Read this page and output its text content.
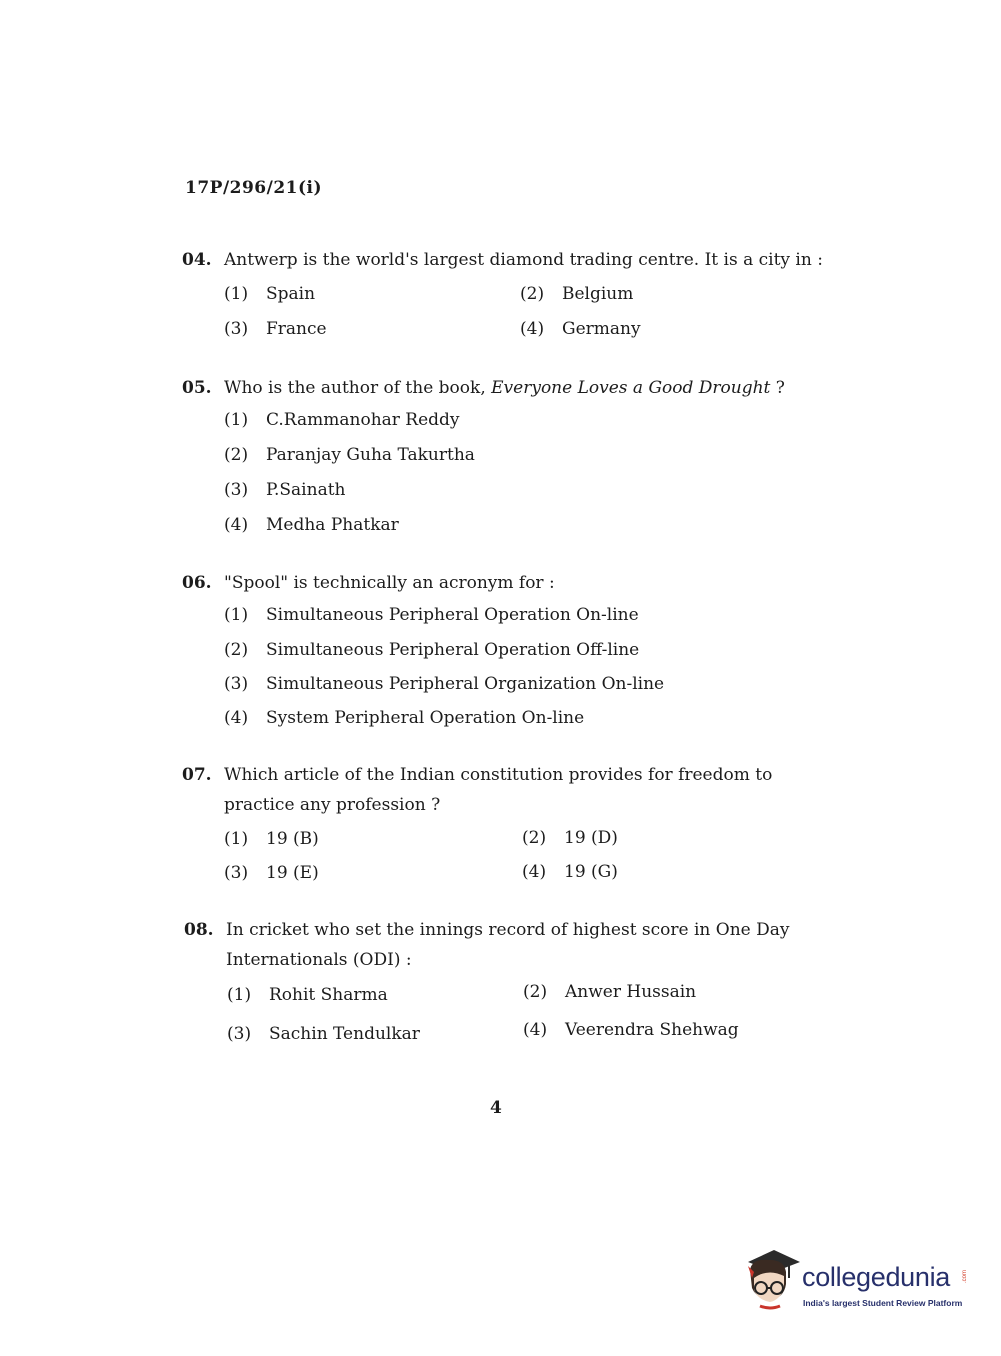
17P/296/21(i)
04. Antwerp is the world's largest diamond trading centre. It is a city in :
(1) Spain	(2) Belgium
(3) France	(4) Germany
05. Who is the author of the book, Everyone Loves a Good Drought ?
(1) C.Rammanohar Reddy
(2) Paranjay Guha Takurtha
(3) P.Sainath
(4) Medha Phatkar
06. "Spool" is technically an acronym for :
(1) Simultaneous Peripheral Operation On-line
(2) Simultaneous Peripheral Operation Off-line
(3) Simultaneous Peripheral Organization On-line
(4) System Peripheral Operation On-line
07. Which article of the Indian constitution provides for freedom to practice any profession ?
(1) 19 (B)	(2) 19 (D)
(3) 19 (E)	(4) 19 (G)
08. In cricket who set the innings record of highest score in One Day Internationals (ODI) :
(1) Rohit Sharma	(2) Anwer Hussain
(3) Sachin Tendulkar	(4) Veerendra Shehwag
4
collegedunia .com
India's largest Student Review Platform
